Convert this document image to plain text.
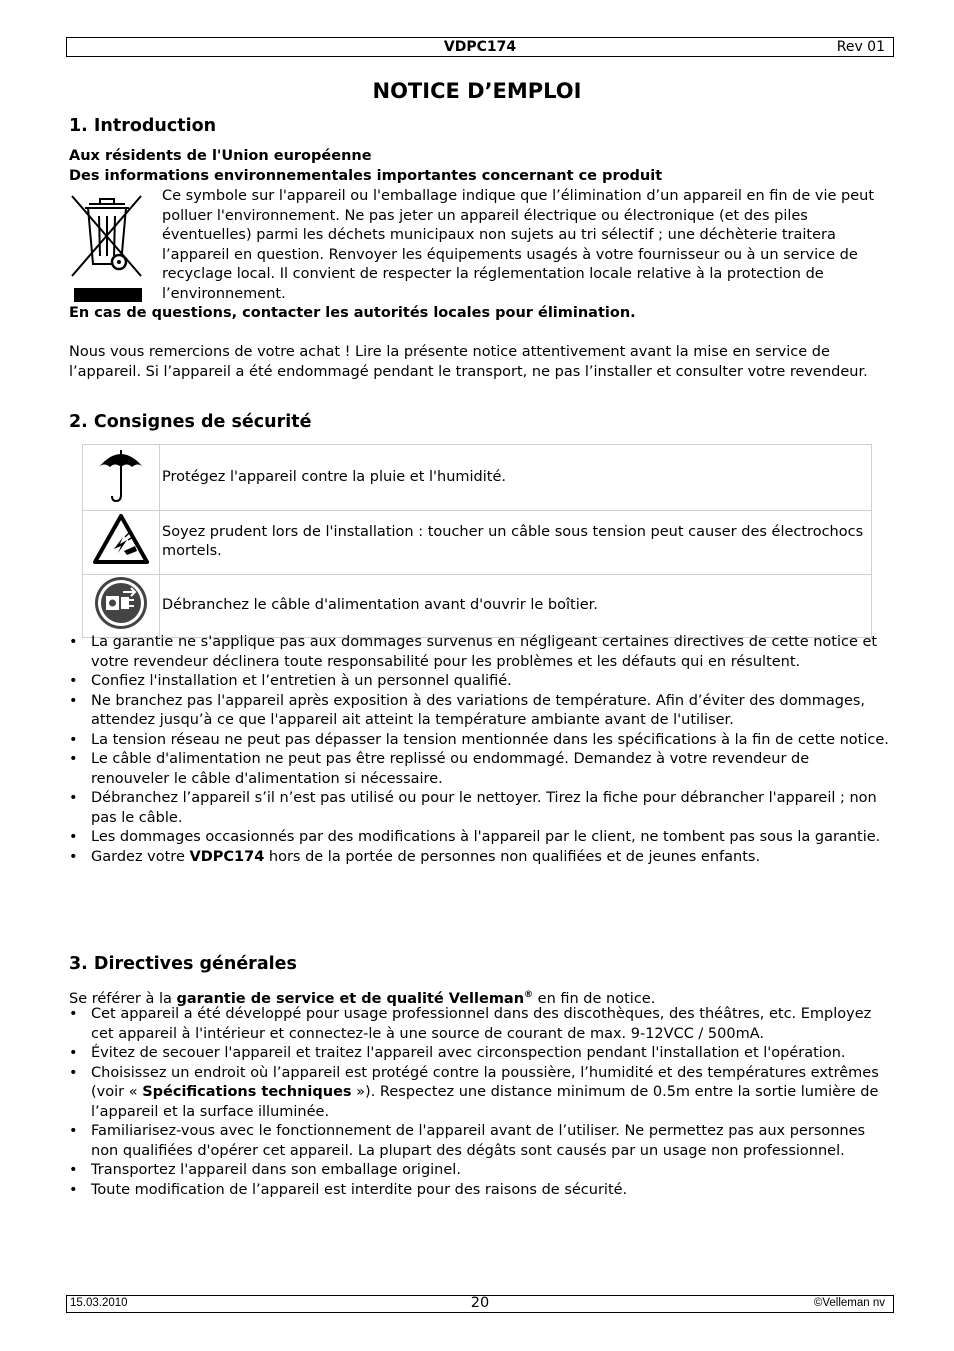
VDPC174	Rev 01
NOTICE D’EMPLOI
1. Introduction
Aux résidents de l'Union européenne
Des informations environnementales importantes concernant ce produit
Ce symbole sur l'appareil ou l'emballage indique que l’élimination d’un appareil en fin de vie peut polluer l'environnement. Ne pas jeter un appareil électrique ou électronique (et des piles éventuelles) parmi les déchets municipaux non sujets au tri sélectif ; une déchèterie traitera l’appareil en question. Renvoyer les équipements usagés à votre fournisseur ou à un service de recyclage local. Il convient de respecter la réglementation locale relative à la protection de l’environnement.
En cas de questions, contacter les autorités locales pour élimination.
Nous vous remercions de votre achat ! Lire la présente notice attentivement avant la mise en service de l’appareil. Si l’appareil a été endommagé pendant le transport, ne pas l’installer et consulter votre revendeur.
2. Consignes de sécurité
	Protégez l'appareil contre la pluie et l'humidité.
	Soyez prudent lors de l'installation : toucher un câble sous tension peut causer des électrochocs mortels.
	Débranchez le câble d'alimentation avant d'ouvrir le boîtier.
• La garantie ne s'applique pas aux dommages survenus en négligeant certaines directives de cette notice et votre revendeur déclinera toute responsabilité pour les problèmes et les défauts qui en résultent.
• Confiez l'installation et l’entretien à un personnel qualifié.
• Ne branchez pas l'appareil après exposition à des variations de température. Afin d’éviter des dommages, attendez jusqu’à ce que l'appareil ait atteint la température ambiante avant de l'utiliser.
• La tension réseau ne peut pas dépasser la tension mentionnée dans les spécifications à la fin de cette notice.
• Le câble d'alimentation ne peut pas être replissé ou endommagé. Demandez à votre revendeur de renouveler le câble d'alimentation si nécessaire.
• Débranchez l’appareil s’il n’est pas utilisé ou pour le nettoyer. Tirez la fiche pour débrancher l'appareil ; non pas le câble.
• Les dommages occasionnés par des modifications à l'appareil par le client, ne tombent pas sous la garantie.
• Gardez votre VDPC174 hors de la portée de personnes non qualifiées et de jeunes enfants.
3. Directives générales
Se référer à la garantie de service et de qualité Velleman® en fin de notice.
• Cet appareil a été développé pour usage professionnel dans des discothèques, des théâtres, etc. Employez cet appareil à l'intérieur et connectez-le à une source de courant de max. 9-12VCC / 500mA.
• Évitez de secouer l'appareil et traitez l'appareil avec circonspection pendant l'installation et l'opération.
• Choisissez un endroit où l’appareil est protégé contre la poussière, l’humidité et des températures extrêmes (voir « Spécifications techniques »). Respectez une distance minimum de 0.5m entre la sortie lumière de l’appareil et la surface illuminée.
• Familiarisez-vous avec le fonctionnement de l'appareil avant de l’utiliser. Ne permettez pas aux personnes non qualifiées d'opérer cet appareil. La plupart des dégâts sont causés par un usage non professionnel.
• Transportez l'appareil dans son emballage originel.
• Toute modification de l’appareil est interdite pour des raisons de sécurité.
15.03.2010	20	©Velleman nv
